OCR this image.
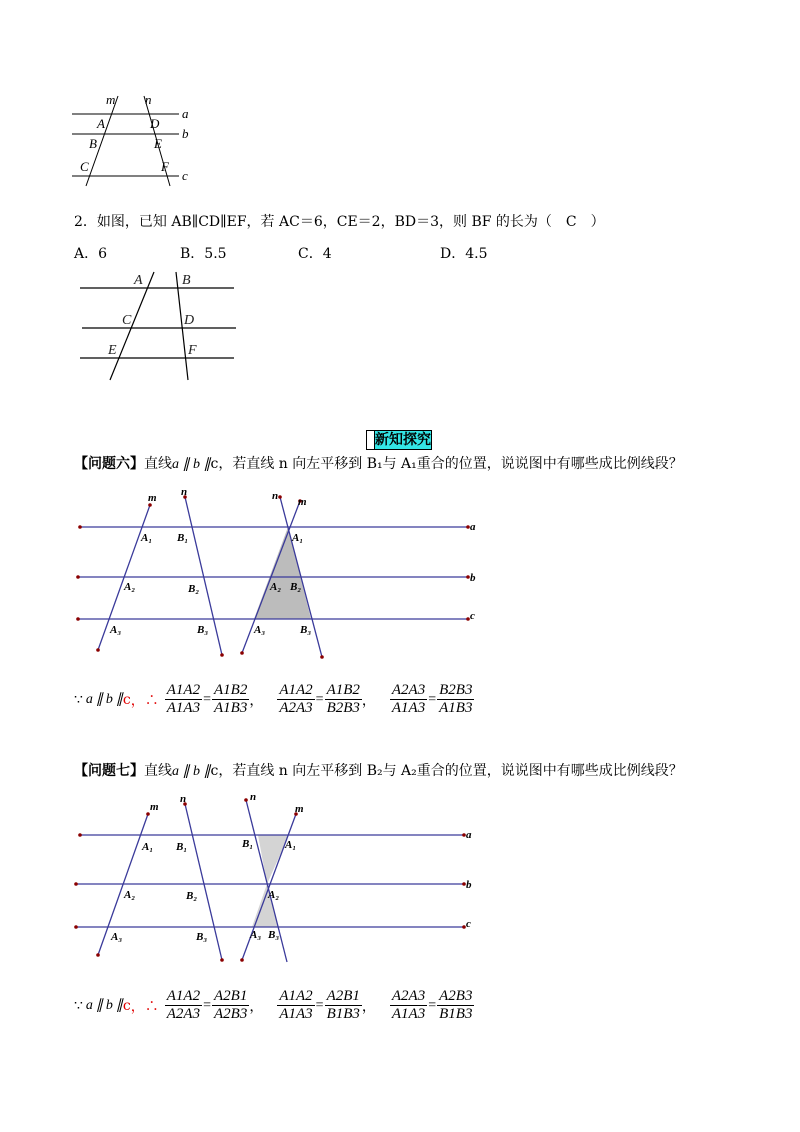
m n
a
b
c
A
B
C
D
E
F
2．如图，已知 AB∥CD∥EF，若 AC＝6，CE＝2，BD＝3，则 BF 的长为（　C　）
A．6	B．5.5	C．4	D．4.5
A	B
C	D
E	F
新知探究
【问题六】直线a ∥ b ∥c，若直线 n 向左平移到 B₁与 A₁重合的位置，说说图中有哪些成比例线段？
m n	n m
a
b
c
A₁ B₁
A₂	B₂
A₃	B₃
A₁
A₂ B₂
A₃	B₃
∵ a ∥ b ∥ c ，∴ $\frac{A1A2}{A1A3} = \frac{A1B2}{A1B3}$ ， $\frac{A1A2}{A2A3} = \frac{A1B2}{B2B3}$ ， $\frac{A2A3}{A1A3} = \frac{B2B3}{A1B3}$
【问题七】直线a ∥ b ∥c，若直线 n 向左平移到 B₂与 A₂重合的位置，说说图中有哪些成比例线段？
m
n	n
m
a
b
c
A₁ B₁
A₂	B₂
A₃	B₃
B₁	A₁
A₂
A₃ B₃
∵ a ∥ b ∥ c ，∴ $\frac{A1A2}{A2A3} = \frac{A2B1}{A2B3}$ ， $\frac{A1A2}{A1A3} = \frac{A2B1}{B1B3}$ ， $\frac{A2A3}{A1A3} = \frac{A2B3}{B1B3}$
